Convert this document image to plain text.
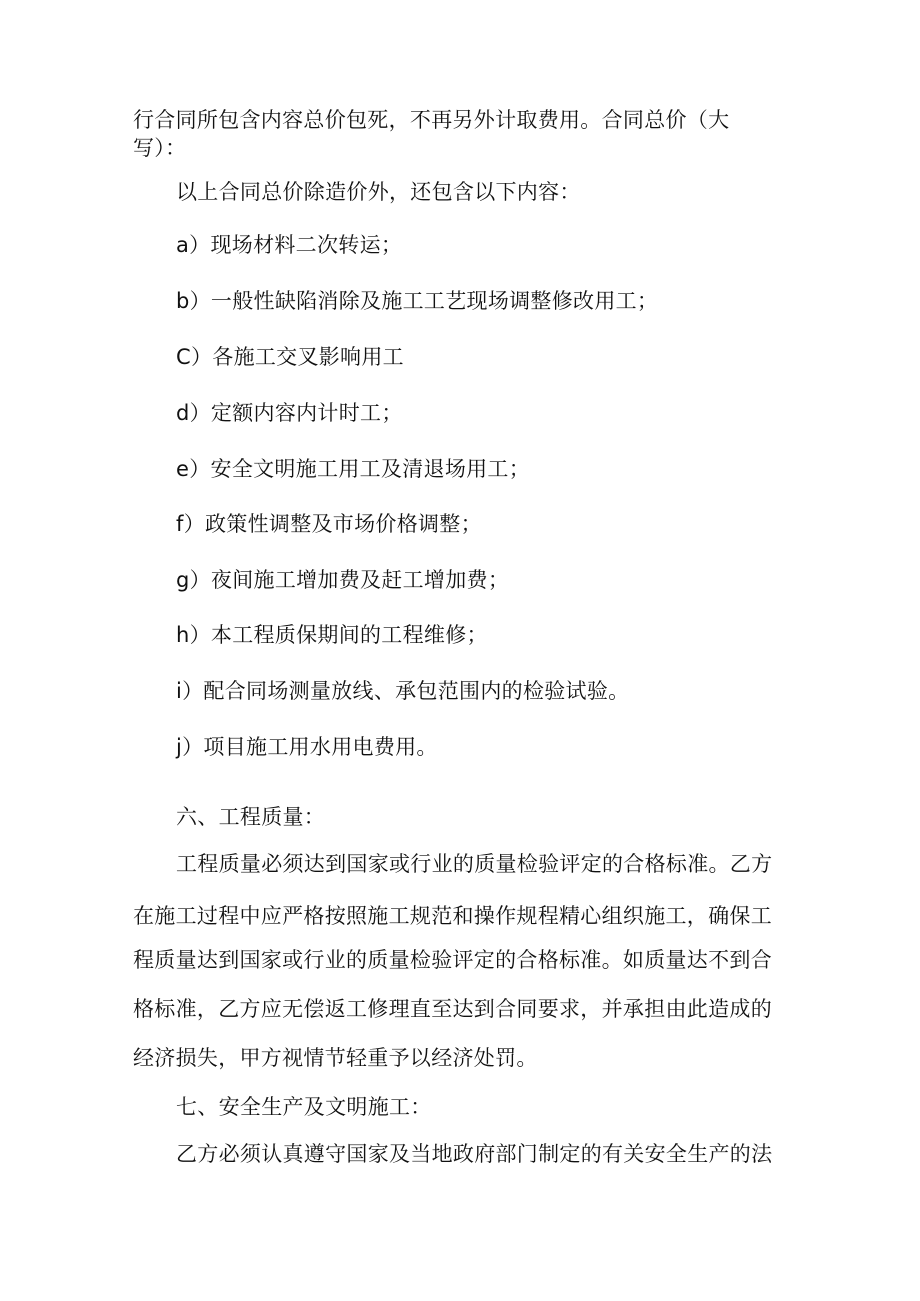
行合同所包含内容总价包死，不再另外计取费用。合同总价（大
写）：
以上合同总价除造价外，还包含以下内容：
a）现场材料二次转运；
b）一般性缺陷消除及施工工艺现场调整修改用工；
C）各施工交叉影响用工
d）定额内容内计时工；
e）安全文明施工用工及清退场用工；
f）政策性调整及市场价格调整；
g）夜间施工增加费及赶工增加费；
h）本工程质保期间的工程维修；
i）配合同场测量放线、承包范围内的检验试验。
j）项目施工用水用电费用。
六、工程质量：
工程质量必须达到国家或行业的质量检验评定的合格标准。乙方
在施工过程中应严格按照施工规范和操作规程精心组织施工，确保工
程质量达到国家或行业的质量检验评定的合格标准。如质量达不到合
格标准，乙方应无偿返工修理直至达到合同要求，并承担由此造成的
经济损失，甲方视情节轻重予以经济处罚。
七、安全生产及文明施工：
乙方必须认真遵守国家及当地政府部门制定的有关安全生产的法
